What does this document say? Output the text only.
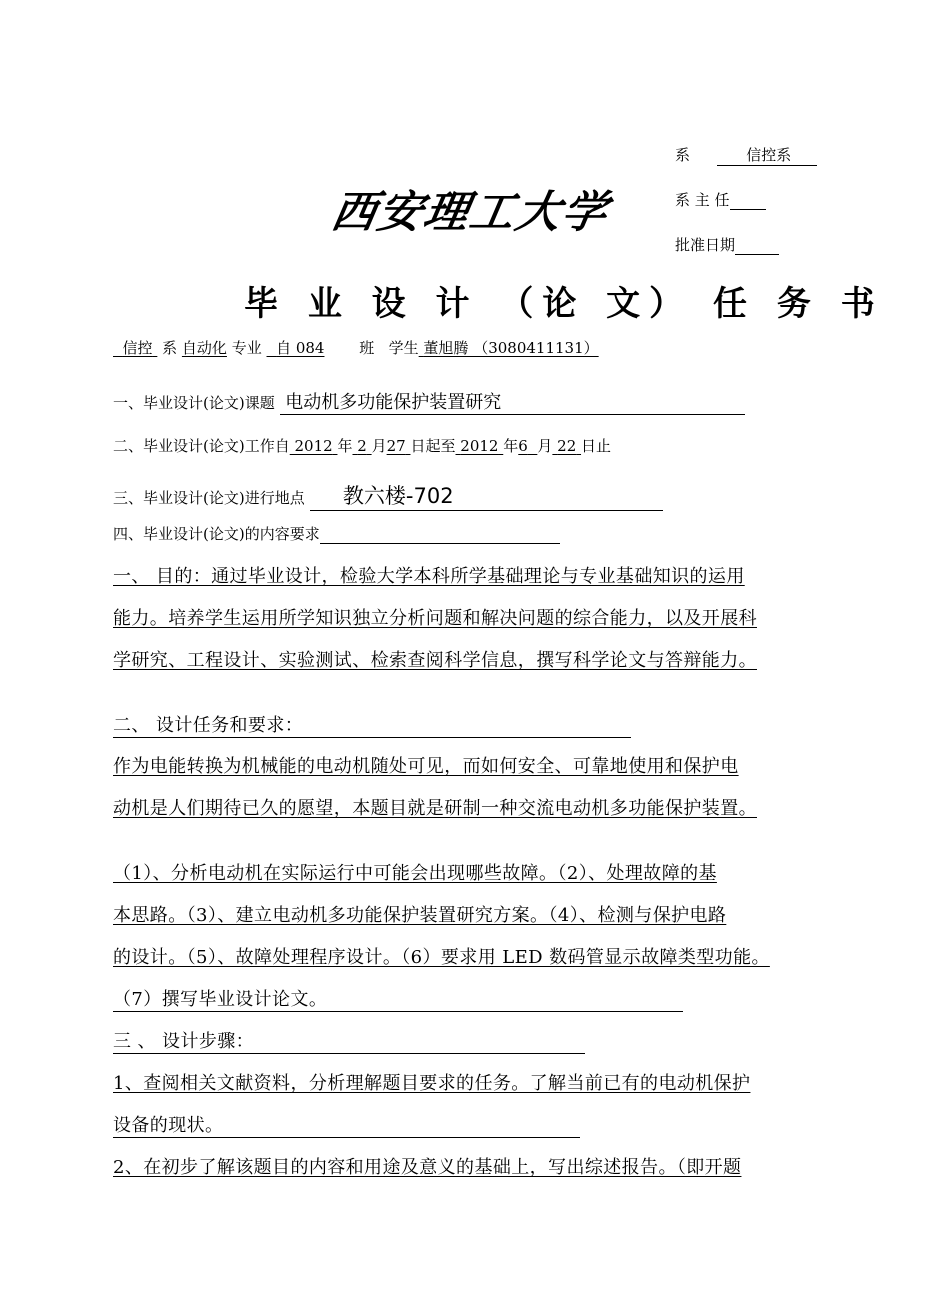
系	信控系
系 主 任
批准日期
西安理工大学
毕 业 设 计 （论 文） 任 务 书
信控 系 自动化 专业 自 084 班 学生 董旭腾 （3080411131）
一、毕业设计(论文)课题 电动机多功能保护装置研究
二、毕业设计(论文)工作自 2012 年 2 月27 日起至 2012 年6 月 22 日止
三、毕业设计(论文)进行地点 教六楼-702
四、毕业设计(论文)的内容要求
一、 目的：通过毕业设计，检验大学本科所学基础理论与专业基础知识的运用
能力。培养学生运用所学知识独立分析问题和解决问题的综合能力，以及开展科
学研究、工程设计、实验测试、检索查阅科学信息，撰写科学论文与答辩能力。
二、 设计任务和要求：
作为电能转换为机械能的电动机随处可见，而如何安全、可靠地使用和保护电
动机是人们期待已久的愿望，本题目就是研制一种交流电动机多功能保护装置。
（1）、分析电动机在实际运行中可能会出现哪些故障。（2）、处理故障的基
本思路。（3）、建立电动机多功能保护装置研究方案。（4）、检测与保护电路
的设计。（5）、故障处理程序设计。（6）要求用 LED 数码管显示故障类型功能。
（7）撰写毕业设计论文。
三 、 设计步骤：
1、查阅相关文献资料，分析理解题目要求的任务。了解当前已有的电动机保护
设备的现状。
2、在初步了解该题目的内容和用途及意义的基础上，写出综述报告。（即开题
